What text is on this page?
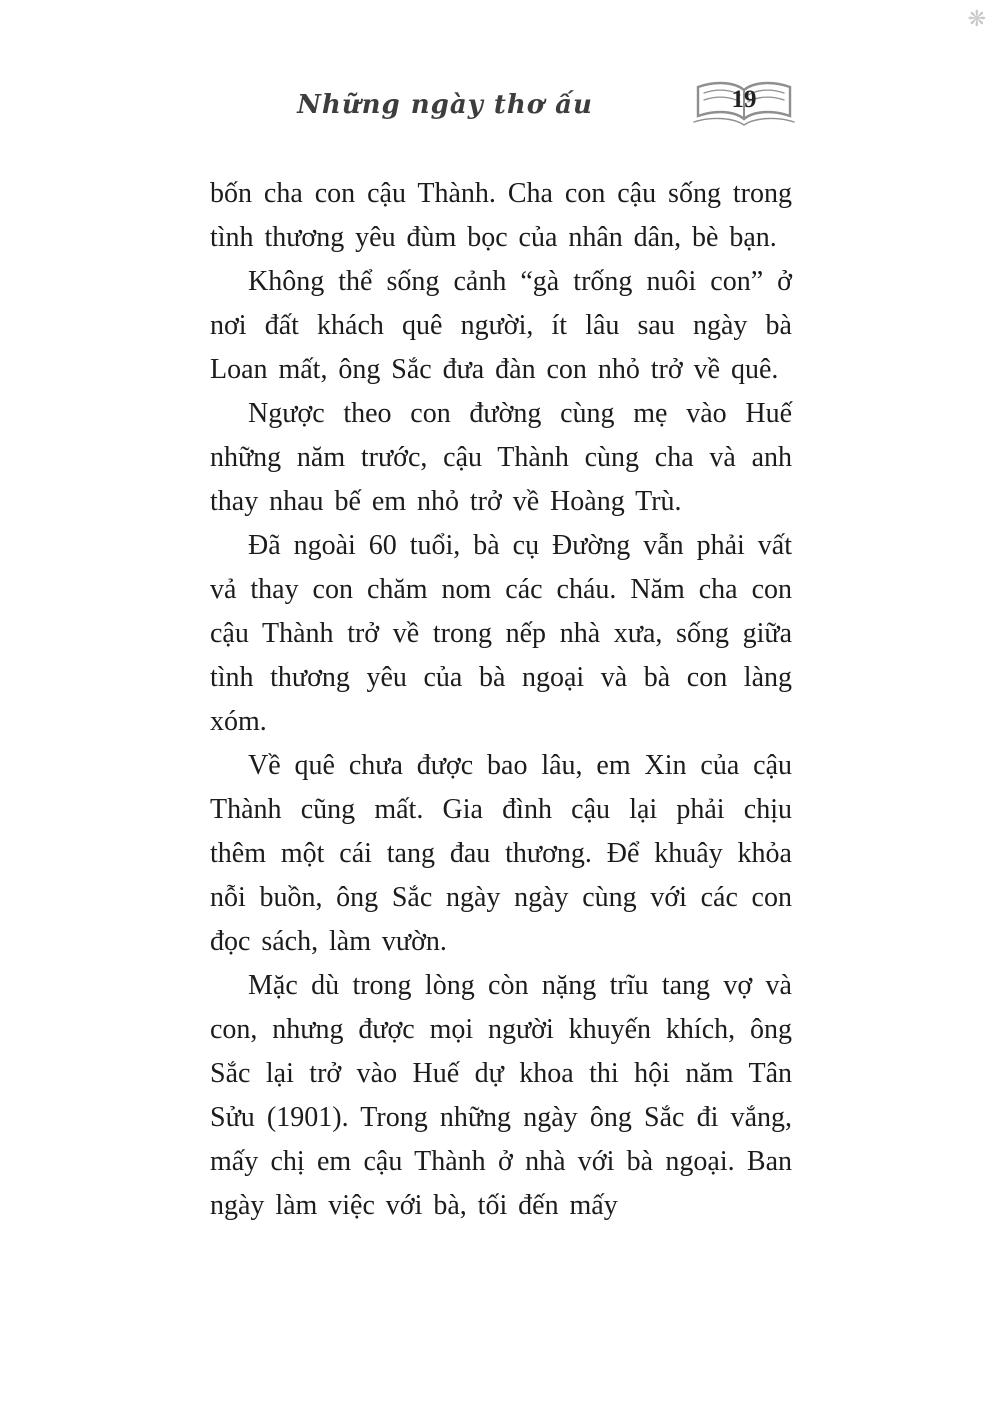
❋
Những ngày thơ ấu	19

bốn cha con cậu Thành. Cha con cậu sống trong tình thương yêu đùm bọc của nhân dân, bè bạn.

Không thể sống cảnh “gà trống nuôi con” ở nơi đất khách quê người, ít lâu sau ngày bà Loan mất, ông Sắc đưa đàn con nhỏ trở về quê.

Ngược theo con đường cùng mẹ vào Huế những năm trước, cậu Thành cùng cha và anh thay nhau bế em nhỏ trở về Hoàng Trù.

Đã ngoài 60 tuổi, bà cụ Đường vẫn phải vất vả thay con chăm nom các cháu. Năm cha con cậu Thành trở về trong nếp nhà xưa, sống giữa tình thương yêu của bà ngoại và bà con làng xóm.

Về quê chưa được bao lâu, em Xin của cậu Thành cũng mất. Gia đình cậu lại phải chịu thêm một cái tang đau thương. Để khuây khỏa nỗi buồn, ông Sắc ngày ngày cùng với các con đọc sách, làm vườn.

Mặc dù trong lòng còn nặng trĩu tang vợ và con, nhưng được mọi người khuyến khích, ông Sắc lại trở vào Huế dự khoa thi hội năm Tân Sửu (1901). Trong những ngày ông Sắc đi vắng, mấy chị em cậu Thành ở nhà với bà ngoại. Ban ngày làm việc với bà, tối đến mấy
